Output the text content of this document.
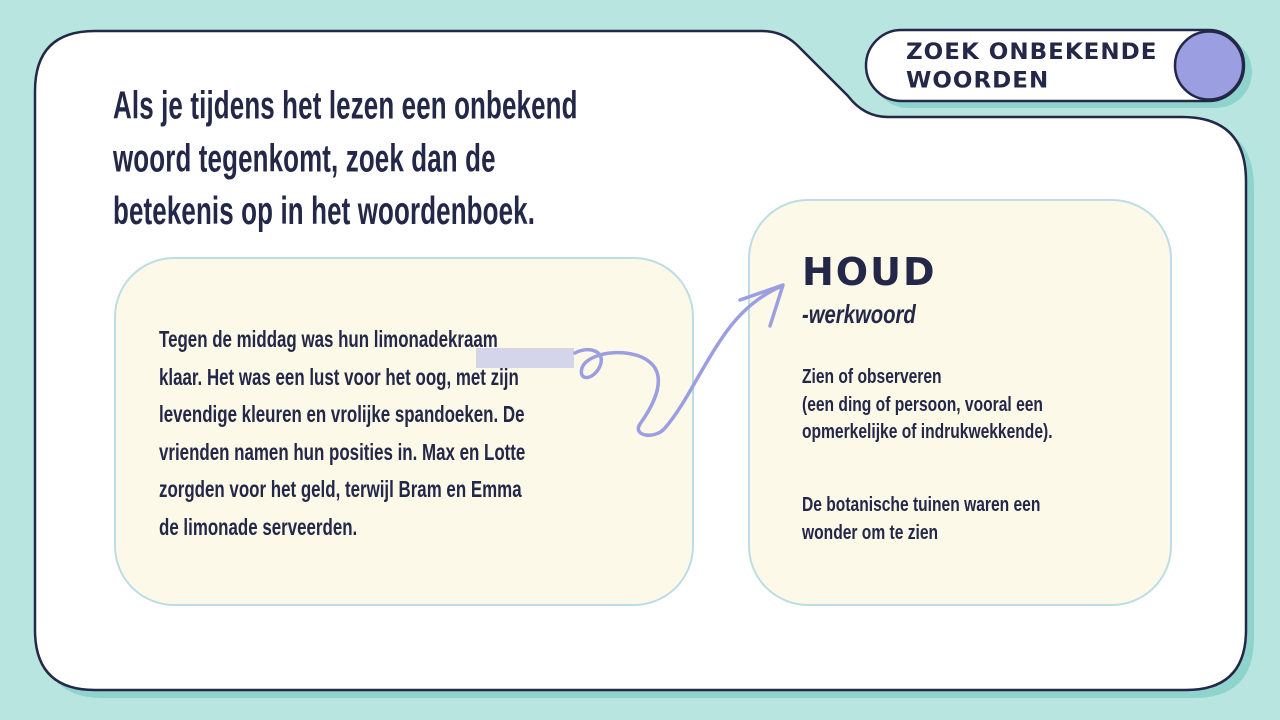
ZOEK ONBEKENDE
WOORDEN
Als je tijdens het lezen een onbekend
woord tegenkomt, zoek dan de
betekenis op in het woordenboek.

Tegen de middag was hun limonadekraam
klaar. Het was een lust voor het oog, met zijn
levendige kleuren en vrolijke spandoeken. De
vrienden namen hun posities in. Max en Lotte
zorgden voor het geld, terwijl Bram en Emma
de limonade serveerden.

HOUD
-werkwoord

Zien of observeren
(een ding of persoon, vooral een
opmerkelijke of indrukwekkende).

De botanische tuinen waren een
wonder om te zien
